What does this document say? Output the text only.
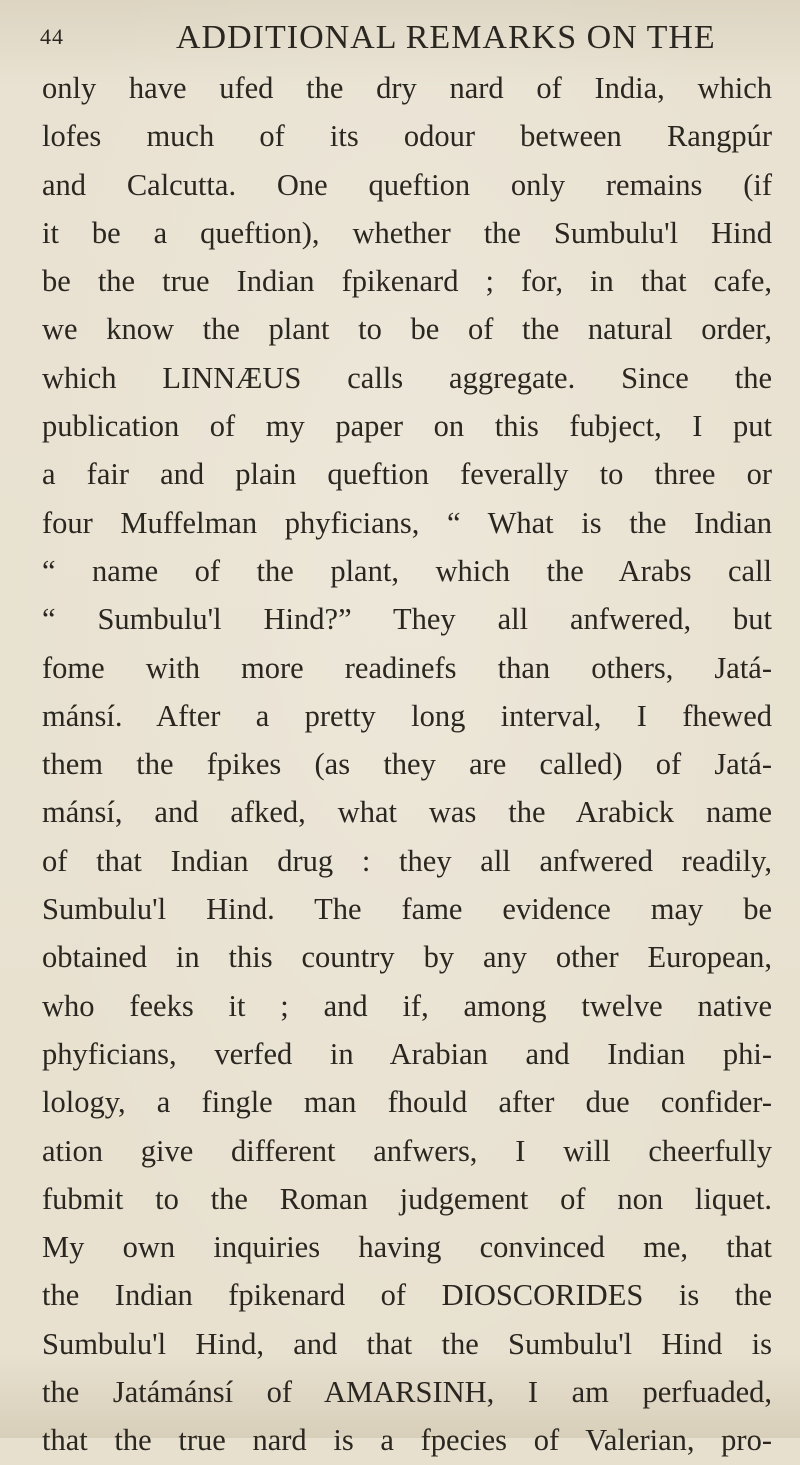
44	ADDITIONAL REMARKS ON THE
only have ufed the dry nard of India, which
lofes much of its odour between Rangpúr
and Calcutta. One queftion only remains (if
it be a queftion), whether the Sumbulu'l Hind
be the true Indian fpikenard ; for, in that cafe,
we know the plant to be of the natural order,
which LINNÆUS calls aggregate. Since the
publication of my paper on this fubject, I put
a fair and plain queftion feverally to three or
four Muffelman phyficians, “ What is the Indian
“ name of the plant, which the Arabs call
“ Sumbulu'l Hind?” They all anfwered, but
fome with more readinefs than others, Jatá-
mánsí. After a pretty long interval, I fhewed
them the fpikes (as they are called) of Jatá-
mánsí, and afked, what was the Arabick name
of that Indian drug : they all anfwered readily,
Sumbulu'l Hind. The fame evidence may be
obtained in this country by any other European,
who feeks it ; and if, among twelve native
phyficians, verfed in Arabian and Indian phi-
lology, a fingle man fhould after due confider-
ation give different anfwers, I will cheerfully
fubmit to the Roman judgement of non liquet.
My own inquiries having convinced me, that
the Indian fpikenard of DIOSCORIDES is the
Sumbulu'l Hind, and that the Sumbulu'l Hind is
the Jatámánsí of AMARSINH, I am perfuaded,
that the true nard is a fpecies of Valerian, pro-
